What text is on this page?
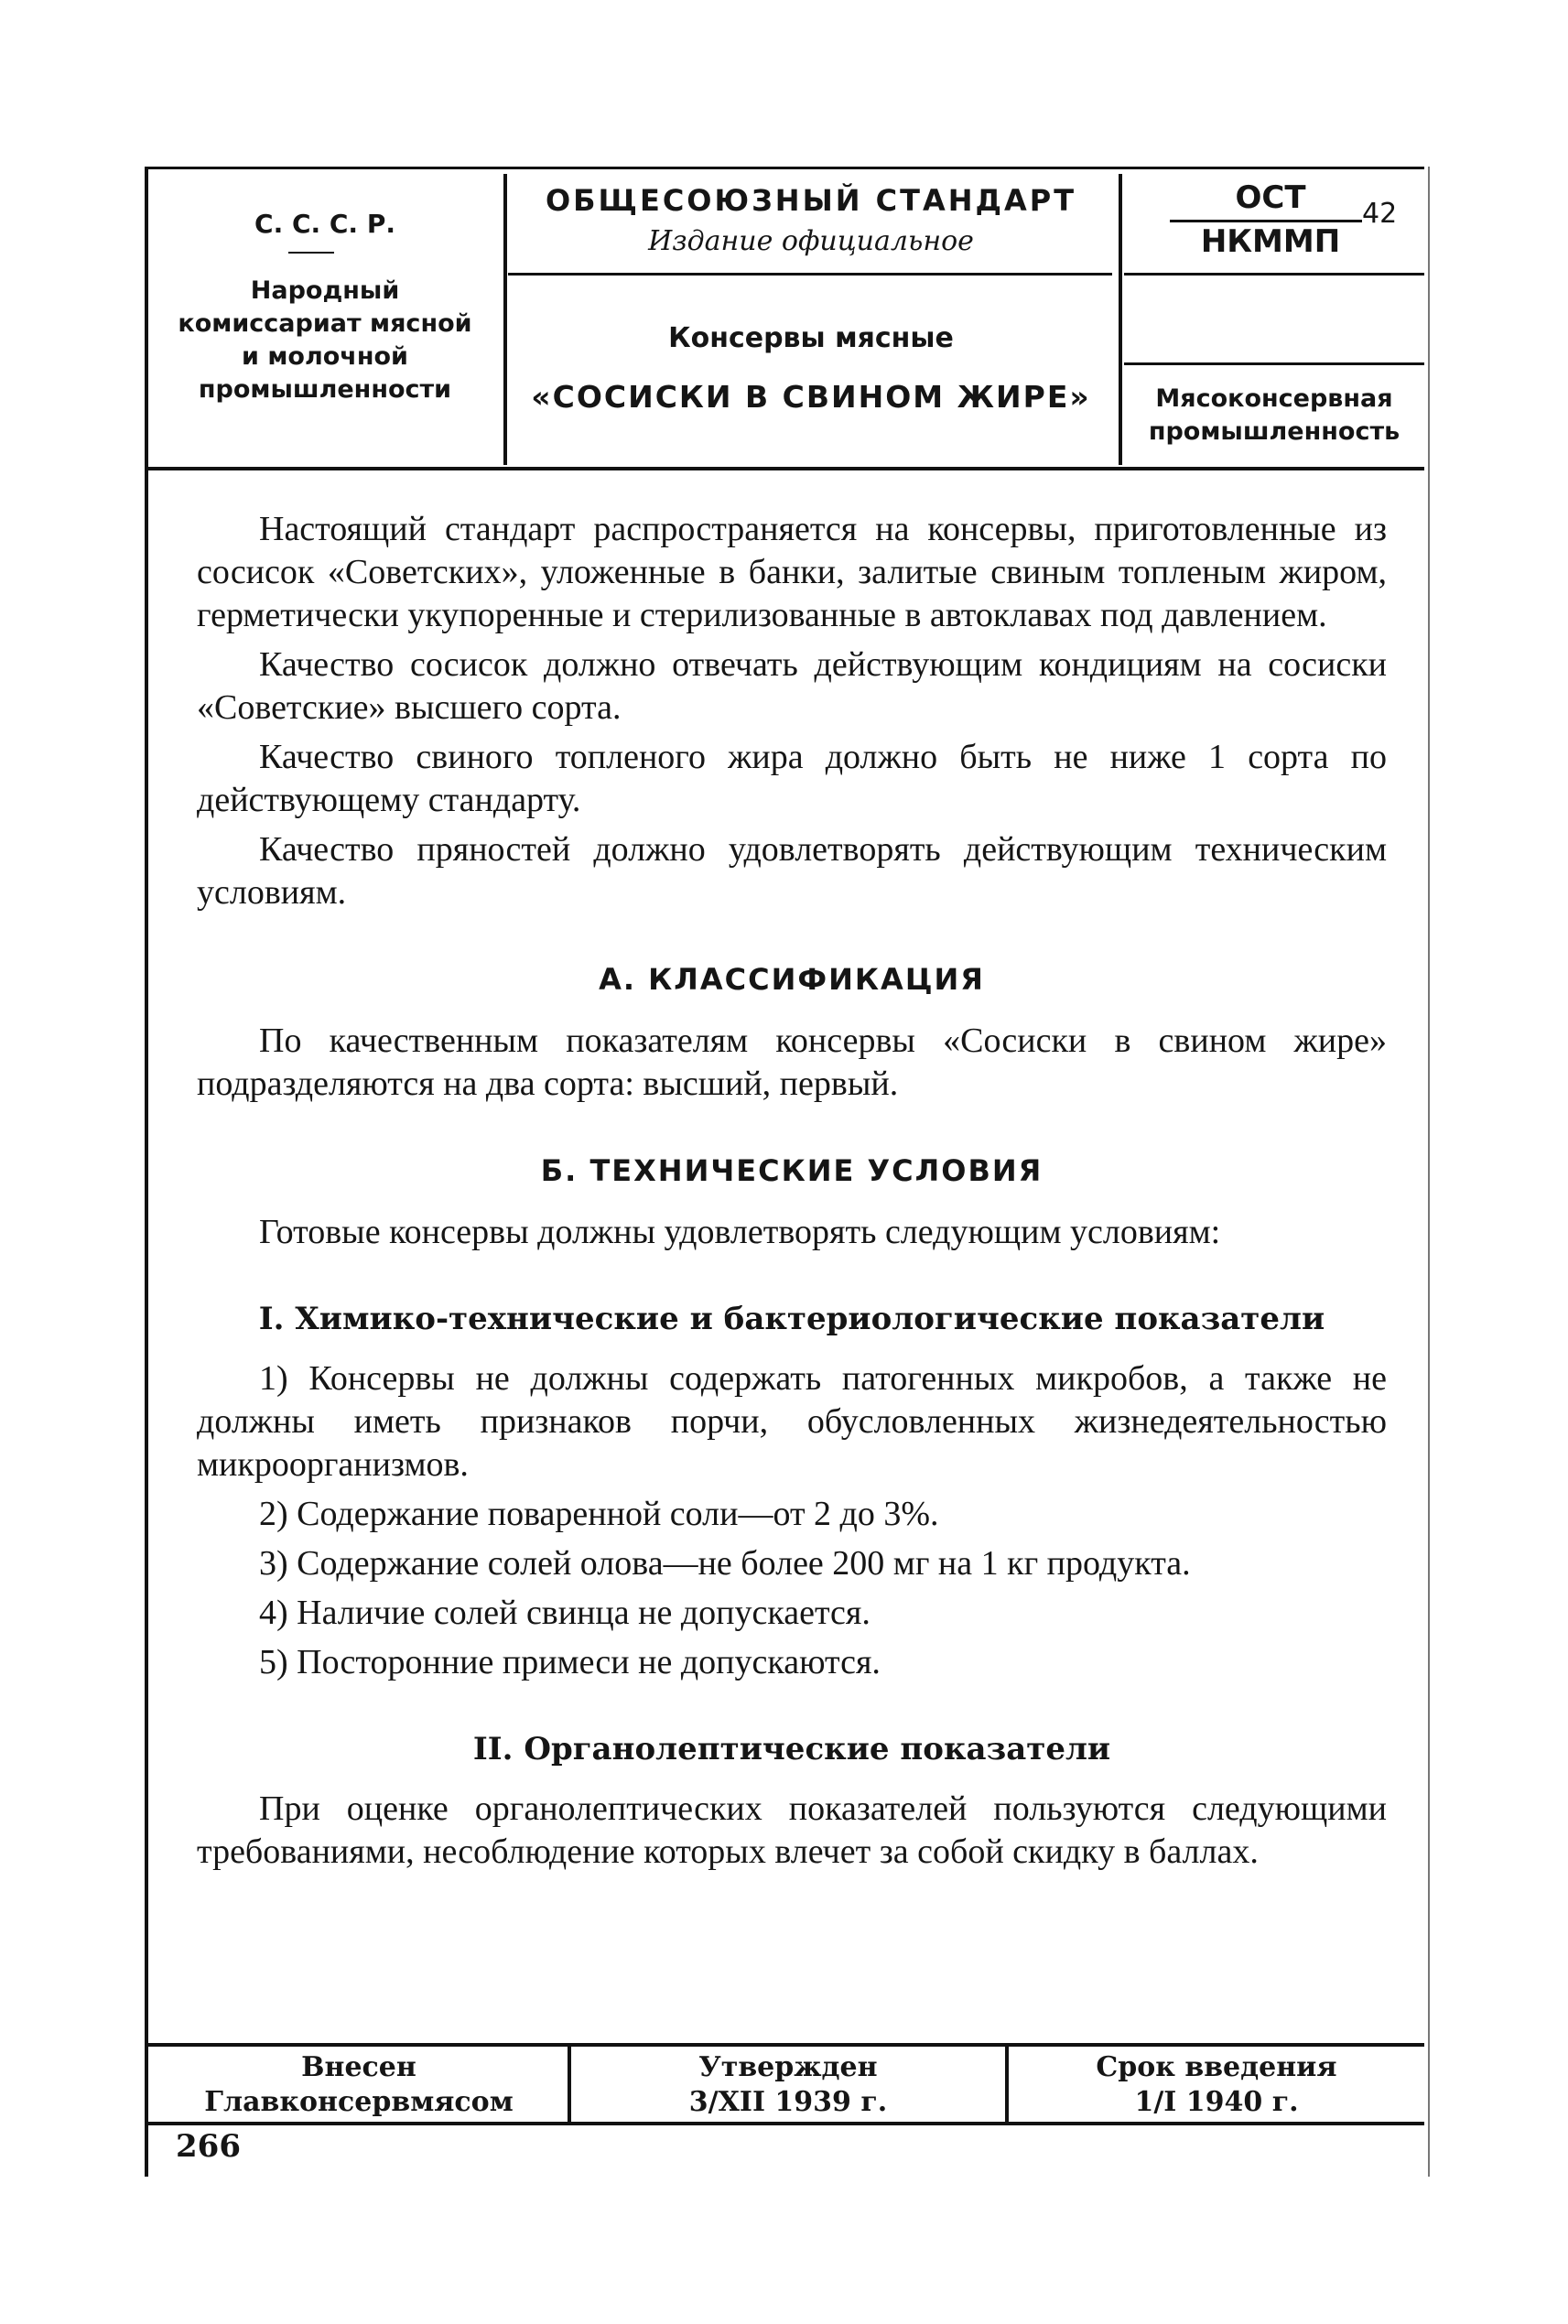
С. С. С. Р.
Народный
комиссариат мясной
и молочной
промышленности
ОБЩЕСОЮЗНЫЙ СТАНДАРТ
Издание официальное
Консервы мясные
«СОСИСКИ В СВИНОМ ЖИРЕ»
ОСТ
НКММП
42
Мясоконсервная
промышленность

Настоящий стандарт распространяется на консервы, приготовленные из сосисок «Советских», уложенные в банки, залитые свиным топленым жиром, герметически укупоренные и стерилизованные в автоклавах под давлением.

Качество сосисок должно отвечать действующим кондициям на сосиски «Советские» высшего сорта.

Качество свиного топленого жира должно быть не ниже 1 сорта по действующему стандарту.

Качество пряностей должно удовлетворять действующим техническим условиям.

А. КЛАССИФИКАЦИЯ

По качественным показателям консервы «Сосиски в свином жире» подразделяются на два сорта: высший, первый.

Б. ТЕХНИЧЕСКИЕ УСЛОВИЯ

Готовые консервы должны удовлетворять следующим условиям:

I. Химико-технические и бактериологические показатели

1) Консервы не должны содержать патогенных микробов, а также не должны иметь признаков порчи, обусловленных жизнедеятельностью микроорганизмов.

2) Содержание поваренной соли—от 2 до 3%.

3) Содержание солей олова—не более 200 мг на 1 кг продукта.

4) Наличие солей свинца не допускается.

5) Посторонние примеси не допускаются.

II. Органолептические показатели

При оценке органолептических показателей пользуются следующими требованиями, несоблюдение которых влечет за собой скидку в баллах.

Внесен
Главконсервмясом
Утвержден
3/XII 1939 г.
Срок введения
1/I 1940 г.
266
